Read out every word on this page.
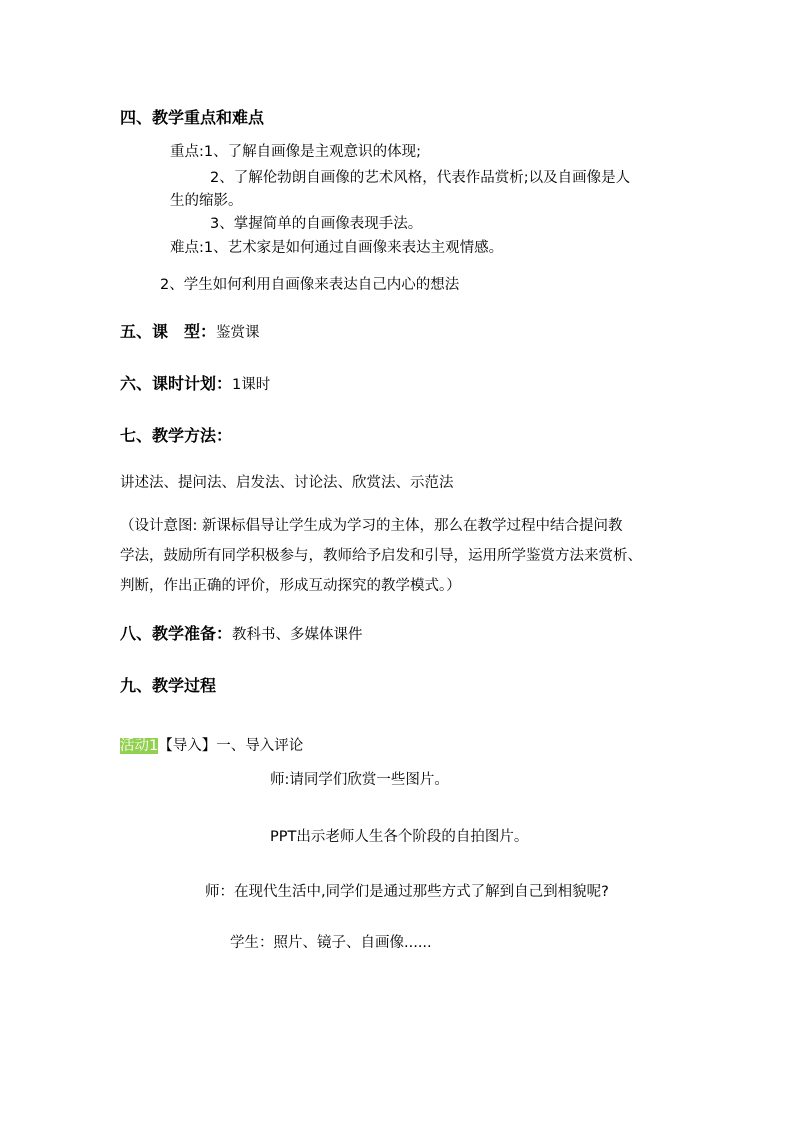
四、教学重点和难点
重点:1、了解自画像是主观意识的体现;
2、了解伦勃朗自画像的艺术风格，代表作品赏析;以及自画像是人
生的缩影。
3、掌握简单的自画像表现手法。
难点:1、艺术家是如何通过自画像来表达主观情感。
2、学生如何利用自画像来表达自己内心的想法
五、课　型：鉴赏课
六、课时计划：1课时
七、教学方法：
讲述法、提问法、启发法、讨论法、欣赏法、示范法
（设计意图: 新课标倡导让学生成为学习的主体，那么在教学过程中结合提问教
学法，鼓励所有同学积极参与，教师给予启发和引导，运用所学鉴赏方法来赏析、
判断，作出正确的评价，形成互动探究的教学模式。）
八、教学准备：教科书、多媒体课件
九、教学过程
活动1【导入】一、导入评论
师:请同学们欣赏一些图片。
PPT出示老师人生各个阶段的自拍图片。
师：在现代生活中,同学们是通过那些方式了解到自己到相貌呢?
学生：照片、镜子、自画像......
